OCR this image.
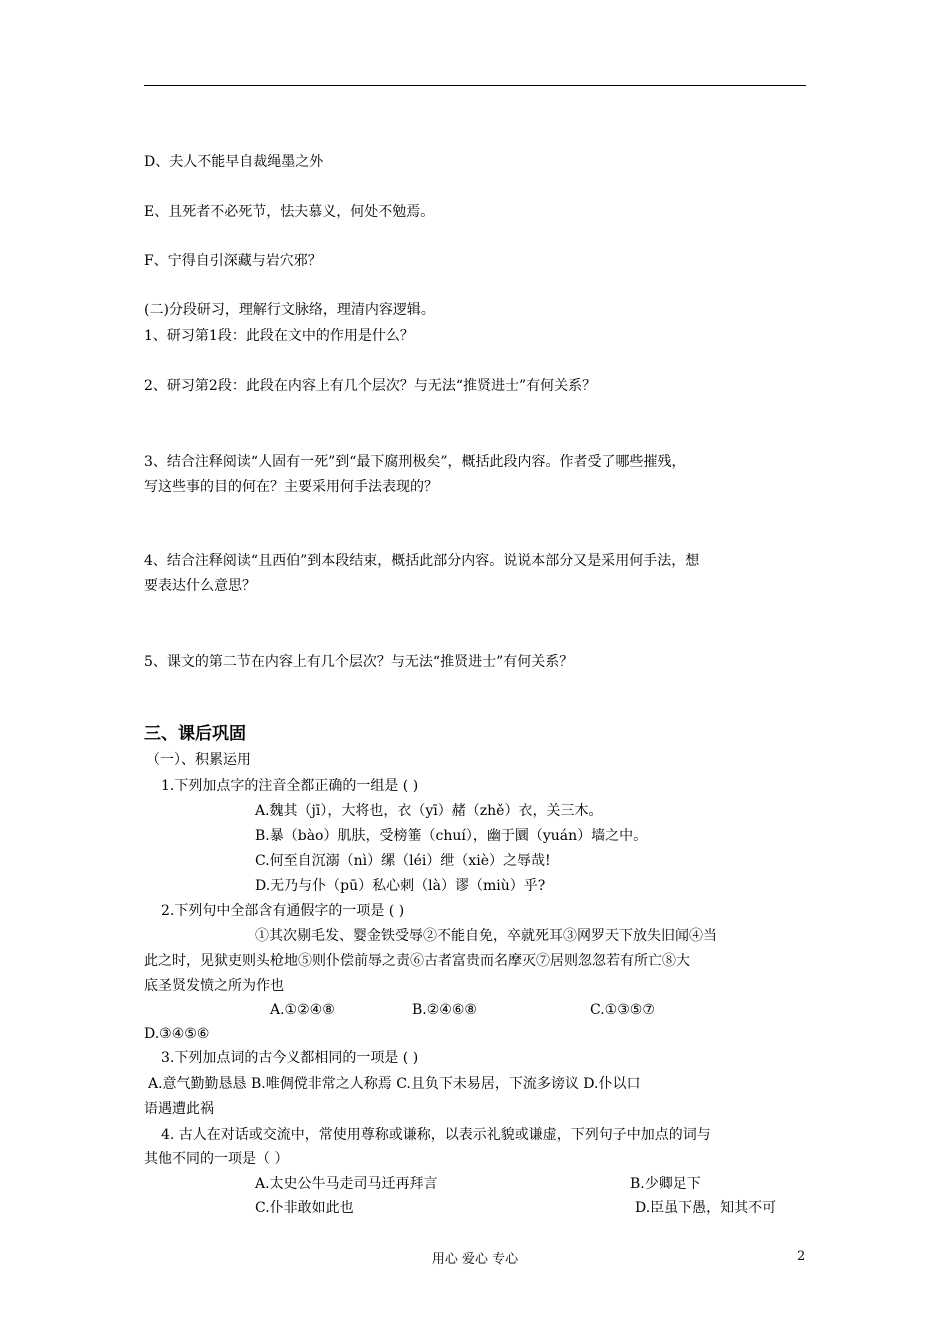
D、夫人不能早自裁绳墨之外
E、且死者不必死节，怯夫慕义，何处不勉焉。
F、宁得自引深藏与岩穴邪？
(二)分段研习，理解行文脉络，理清内容逻辑。
1、研习第1段：此段在文中的作用是什么？
2、研习第2段：此段在内容上有几个层次？与无法“推贤进士”有何关系？
3、结合注释阅读“人固有一死”到“最下腐刑极矣”，概括此段内容。作者受了哪些摧残，
写这些事的目的何在？主要采用何手法表现的？
4、结合注释阅读“且西伯”到本段结束，概括此部分内容。说说本部分又是采用何手法，想
要表达什么意思？
5、课文的第二节在内容上有几个层次？与无法“推贤进士”有何关系？
三、课后巩固
（一）、积累运用
1.下列加点字的注音全都正确的一组是 ( )
A.魏其（jī），大将也，衣（yī）赭（zhě）衣，关三木。
B.暴（bào）肌肤，受榜箠（chuí），幽于圜（yuán）墙之中。
C.何至自沉溺（nì）缧（léi）绁（xiè）之辱哉!
D.无乃与仆（pū）私心刺（là）谬（miù）乎?
2.下列句中全部含有通假字的一项是 ( )
①其次剔毛发、婴金铁受辱②不能自免，卒就死耳③网罗天下放失旧闻④当
此之时，见狱吏则头枪地⑤则仆偿前辱之责⑥古者富贵而名摩灭⑦居则忽忽若有所亡⑧大
底圣贤发愤之所为作也
A.①②④⑧	B.②④⑥⑧	C.①③⑤⑦
D.③④⑤⑥
3.下列加点词的古今义都相同的一项是 ( )
A.意气勤勤恳恳 B.唯倜傥非常之人称焉 C.且负下未易居，下流多谤议 D.仆以口
语遇遭此祸
4. 古人在对话或交流中，常使用尊称或谦称，以表示礼貌或谦虚，下列句子中加点的词与
其他不同的一项是（ ）
A.太史公牛马走司马迁再拜言	B.少卿足下
C.仆非敢如此也	D.臣虽下愚，知其不可
用心 爱心 专心	2
